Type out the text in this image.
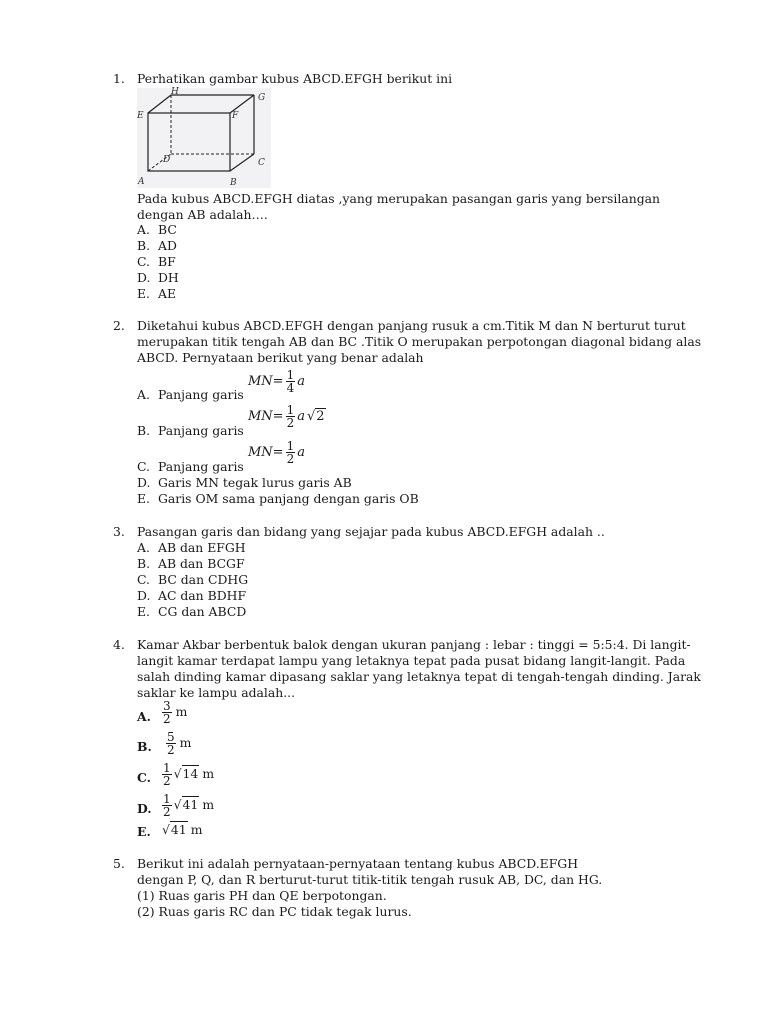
1. Perhatikan gambar kubus ABCD.EFGH berikut ini
H
G
E	F
D	C
A	B
Pada kubus ABCD.EFGH diatas ,yang merupakan pasangan garis yang bersilangan
dengan AB adalah….
A. BC
B. AD
C. BF
D. DH
E. AE
2. Diketahui kubus ABCD.EFGH dengan panjang rusuk a cm.Titik M dan N berturut turut
merupakan titik tengah AB dan BC .Titik O merupakan perpotongan diagonal bidang alas
ABCD. Pernyataan berikut yang benar adalah
A. Panjang garis
$MN= \frac{1}{4}$ a
B. Panjang garis
$MN= \frac{1}{2}$ a √2
C. Panjang garis
$MN= \frac{1}{2}$ a
D. Garis MN tegak lurus garis AB
E. Garis OM sama panjang dengan garis OB
3. Pasangan garis dan bidang yang sejajar pada kubus ABCD.EFGH adalah ..
A. AB dan EFGH
B. AB dan BCGF
C. BC dan CDHG
D. AC dan BDHF
E. CG dan ABCD
4. Kamar Akbar berbentuk balok dengan ukuran panjang : lebar : tinggi = 5:5:4. Di langit-
langit kamar terdapat lampu yang letaknya tepat pada pusat bidang langit-langit. Pada
salah dinding kamar dipasang saklar yang letaknya tepat di tengah-tengah dinding. Jarak
saklar ke lampu adalah...
A. $\frac{3}{2}$ m
B. $\frac{5}{2}$ m
C. $\frac{1}{2} √14$ m
D. $\frac{1}{2} √41$ m
E. √41 m
5. Berikut ini adalah pernyataan-pernyataan tentang kubus ABCD.EFGH
dengan P, Q, dan R berturut-turut titik-titik tengah rusuk AB, DC, dan HG.
(1) Ruas garis PH dan QE berpotongan.
(2) Ruas garis RC dan PC tidak tegak lurus.
